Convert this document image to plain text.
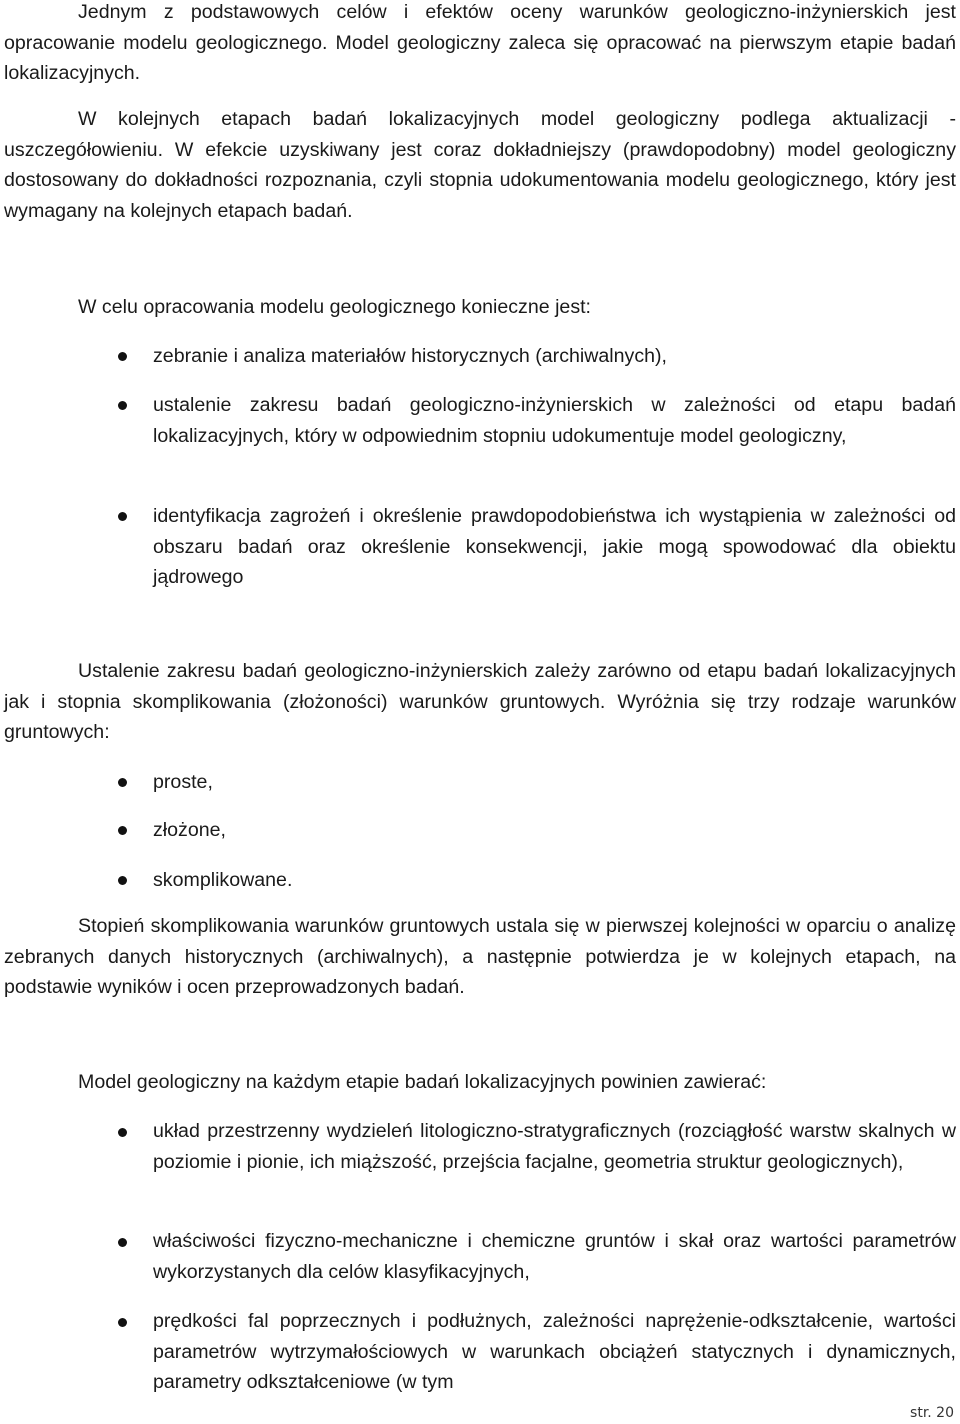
Jednym z podstawowych celów i efektów oceny warunków geologiczno-inżynierskich jest opracowanie modelu geologicznego. Model geologiczny zaleca się opracować na pierwszym etapie badań lokalizacyjnych.

W kolejnych etapach badań lokalizacyjnych model geologiczny podlega aktualizacji - uszczegółowieniu. W efekcie uzyskiwany jest coraz dokładniejszy (prawdopodobny) model geologiczny dostosowany do dokładności rozpoznania, czyli stopnia udokumentowania modelu geologicznego, który jest wymagany na kolejnych etapach badań.

W celu opracowania modelu geologicznego konieczne jest:

zebranie i analiza materiałów historycznych (archiwalnych),

ustalenie zakresu badań geologiczno-inżynierskich w zależności od etapu badań lokalizacyjnych, który w odpowiednim stopniu udokumentuje model geologiczny,

identyfikacja zagrożeń i określenie prawdopodobieństwa ich wystąpienia w zależności od obszaru badań oraz określenie konsekwencji, jakie mogą spowodować dla obiektu jądrowego

Ustalenie zakresu badań geologiczno-inżynierskich zależy zarówno od etapu badań lokalizacyjnych jak i stopnia skomplikowania (złożoności) warunków gruntowych. Wyróżnia się trzy rodzaje warunków gruntowych:

proste,

złożone,

skomplikowane.

Stopień skomplikowania warunków gruntowych ustala się w pierwszej kolejności w oparciu o analizę zebranych danych historycznych (archiwalnych), a następnie potwierdza je w kolejnych etapach, na podstawie wyników i ocen przeprowadzonych badań.

Model geologiczny na każdym etapie badań lokalizacyjnych powinien zawierać:

układ przestrzenny wydzieleń litologiczno-stratygraficznych (rozciągłość warstw skalnych w poziomie i pionie, ich miąższość, przejścia facjalne, geometria struktur geologicznych),

właściwości fizyczno-mechaniczne i chemiczne gruntów i skał oraz wartości parametrów wykorzystanych dla celów klasyfikacyjnych,

prędkości fal poprzecznych i podłużnych, zależności naprężenie-odkształcenie, wartości parametrów wytrzymałościowych w warunkach obciążeń statycznych i dynamicznych, parametry odkształceniowe (w tym

str. 20
